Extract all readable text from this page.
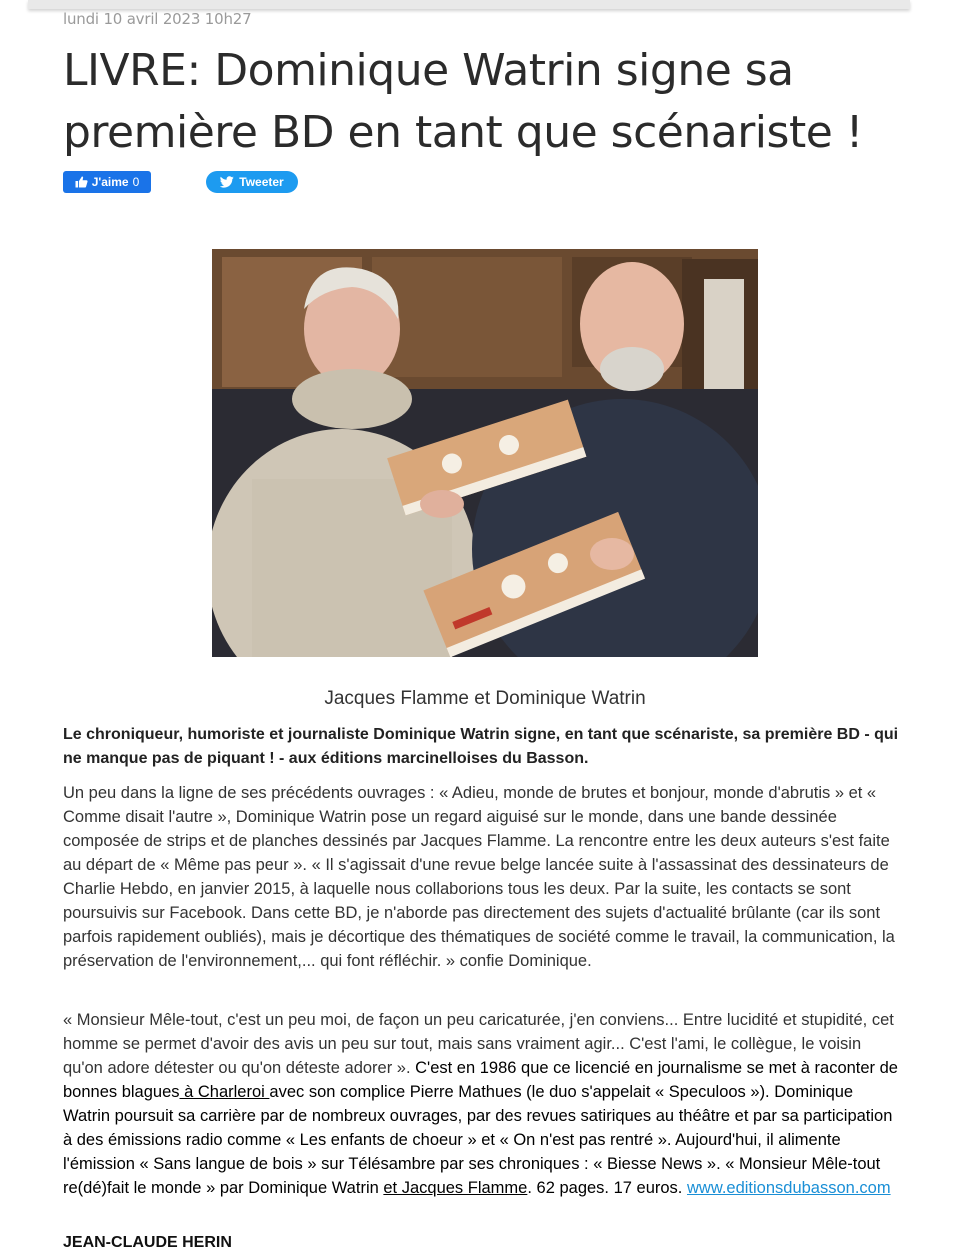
lundi 10 avril 2023 10h27
LIVRE: Dominique Watrin signe sa première BD en tant que scénariste !
J'aime 0	Tweeter
Jacques Flamme et Dominique Watrin

Le chroniqueur, humoriste et journaliste Dominique Watrin signe, en tant que scénariste, sa première BD - qui ne manque pas de piquant ! - aux éditions marcinelloises du Basson.

Un peu dans la ligne de ses précédents ouvrages : « Adieu, monde de brutes et bonjour, monde d'abrutis » et « Comme disait l'autre », Dominique Watrin pose un regard aiguisé sur le monde, dans une bande dessinée composée de strips et de planches dessinés par Jacques Flamme. La rencontre entre les deux auteurs s'est faite au départ de « Même pas peur ». « Il s'agissait d'une revue belge lancée suite à l'assassinat des dessinateurs de Charlie Hebdo, en janvier 2015, à laquelle nous collaborions tous les deux. Par la suite, les contacts se sont poursuivis sur Facebook. Dans cette BD, je n'aborde pas directement des sujets d'actualité brûlante (car ils sont parfois rapidement oubliés), mais je décortique des thématiques de société comme le travail, la communication, la préservation de l'environnement,... qui font réfléchir. » confie Dominique.

« Monsieur Mêle-tout, c'est un peu moi, de façon un peu caricaturée, j'en conviens... Entre lucidité et stupidité, cet homme se permet d'avoir des avis un peu sur tout, mais sans vraiment agir... C'est l'ami, le collègue, le voisin qu'on adore détester ou qu'on déteste adorer ». C'est en 1986 que ce licencié en journalisme se met à raconter de bonnes blagues à Charleroi avec son complice Pierre Mathues (le duo s'appelait « Speculoos »). Dominique Watrin poursuit sa carrière par de nombreux ouvrages, par des revues satiriques au théâtre et par sa participation à des émissions radio comme « Les enfants de choeur » et « On n'est pas rentré ». Aujourd'hui, il alimente l'émission « Sans langue de bois » sur Télésambre par ses chroniques : « Biesse News ». « Monsieur Mêle-tout re(dé)fait le monde » par Dominique Watrin et Jacques Flamme. 62 pages. 17 euros. www.editionsdubasson.com

JEAN-CLAUDE HERIN
